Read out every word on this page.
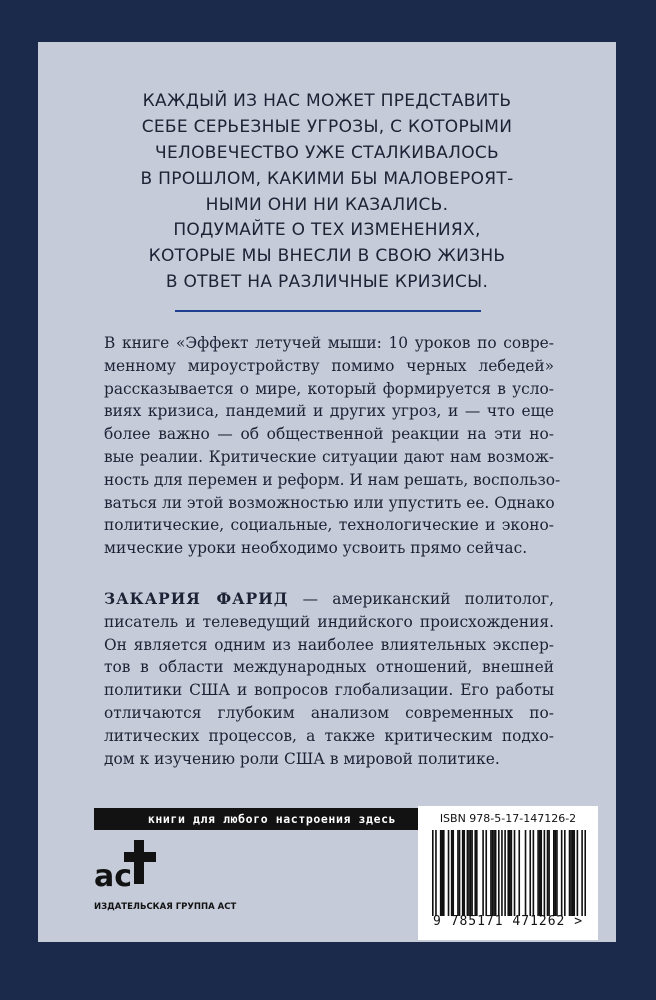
КАЖДЫЙ ИЗ НАС МОЖЕТ ПРЕДСТАВИТЬ
СЕБЕ СЕРЬЕЗНЫЕ УГРОЗЫ, С КОТОРЫМИ
ЧЕЛОВЕЧЕСТВО УЖЕ СТАЛКИВАЛОСЬ
В ПРОШЛОМ, КАКИМИ БЫ МАЛОВЕРОЯТ-
НЫМИ ОНИ НИ КАЗАЛИСЬ.
ПОДУМАЙТЕ О ТЕХ ИЗМЕНЕНИЯХ,
КОТОРЫЕ МЫ ВНЕСЛИ В СВОЮ ЖИЗНЬ
В ОТВЕТ НА РАЗЛИЧНЫЕ КРИЗИСЫ.
В книге «Эффект летучей мыши: 10 уроков по совре-
менному мироустройству помимо черных лебедей»
рассказывается о мире, который формируется в усло-
виях кризиса, пандемий и других угроз, и — что еще
более важно — об общественной реакции на эти но-
вые реалии. Критические ситуации дают нам возмож-
ность для перемен и реформ. И нам решать, воспользо-
ваться ли этой возможностью или упустить ее. Однако
политические, социальные, технологические и эконо-
мические уроки необходимо усвоить прямо сейчас.
ЗАКАРИЯ ФАРИД — американский политолог,
писатель и телеведущий индийского происхождения.
Он является одним из наиболее влиятельных экспер-
тов в области международных отношений, внешней
политики США и вопросов глобализации. Его работы
отличаются глубоким анализом современных по-
литических процессов, а также критическим подхо-
дом к изучению роли США в мировой политике.
книги для любого настроения здесь
ас
ИЗДАТЕЛЬСКАЯ ГРУППА АСТ
ISBN 978-5-17-147126-2
9 785171 471262 >
